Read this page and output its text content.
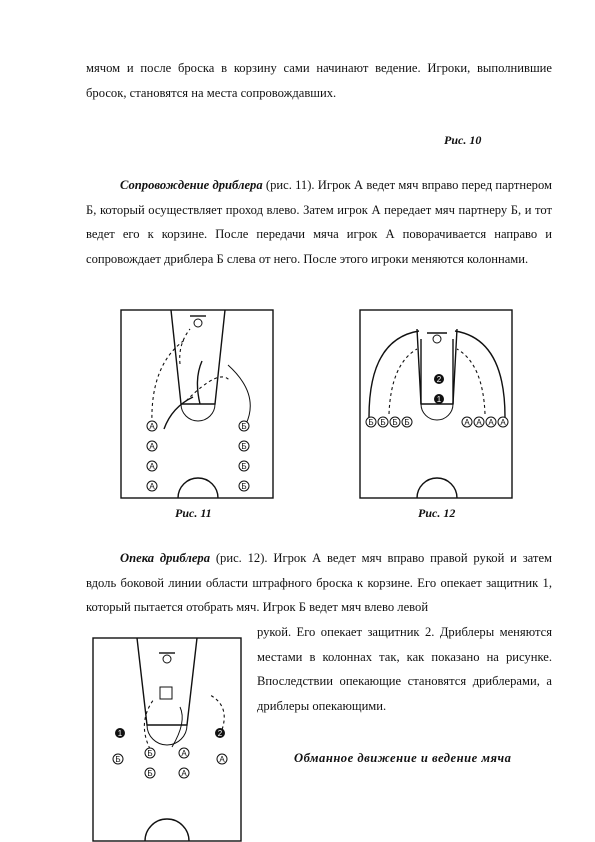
мячом и после броска в корзину сами начинают ведение. Игроки, выполнившие бросок, становятся на места сопровождавших.

Рис. 10

Сопровождение дриблера (рис. 11). Игрок А ведет мяч вправо перед партнером Б, который осуществляет проход влево. Затем игрок А передает мяч партнеру Б, и тот ведет его к корзине. После передачи мяча игрок А поворачивается направо и сопровождает дриблера Б слева от него. После этого игроки меняются колоннами.

А
А
А
А
Б
Б
Б
Б
1
2
Б Б Б Б	А А А А
Рис. 11	Рис. 12

Опека дриблера (рис. 12). Игрок А ведет мяч вправо правой рукой и затем вдоль боковой линии области штрафного броска к корзине. Его опекает защитник 1, который пытается отобрать мяч. Игрок Б ведет мяч влево левой

рукой. Его опекает защитник 2. Дриблеры меняются местами в колоннах так, как показано на рисунке. Впоследствии опекающие становятся дриблерами, а дриблеры опекающими.

1	2
Б
Б
Б
А
А
А	Обманное движение и ведение мяча
